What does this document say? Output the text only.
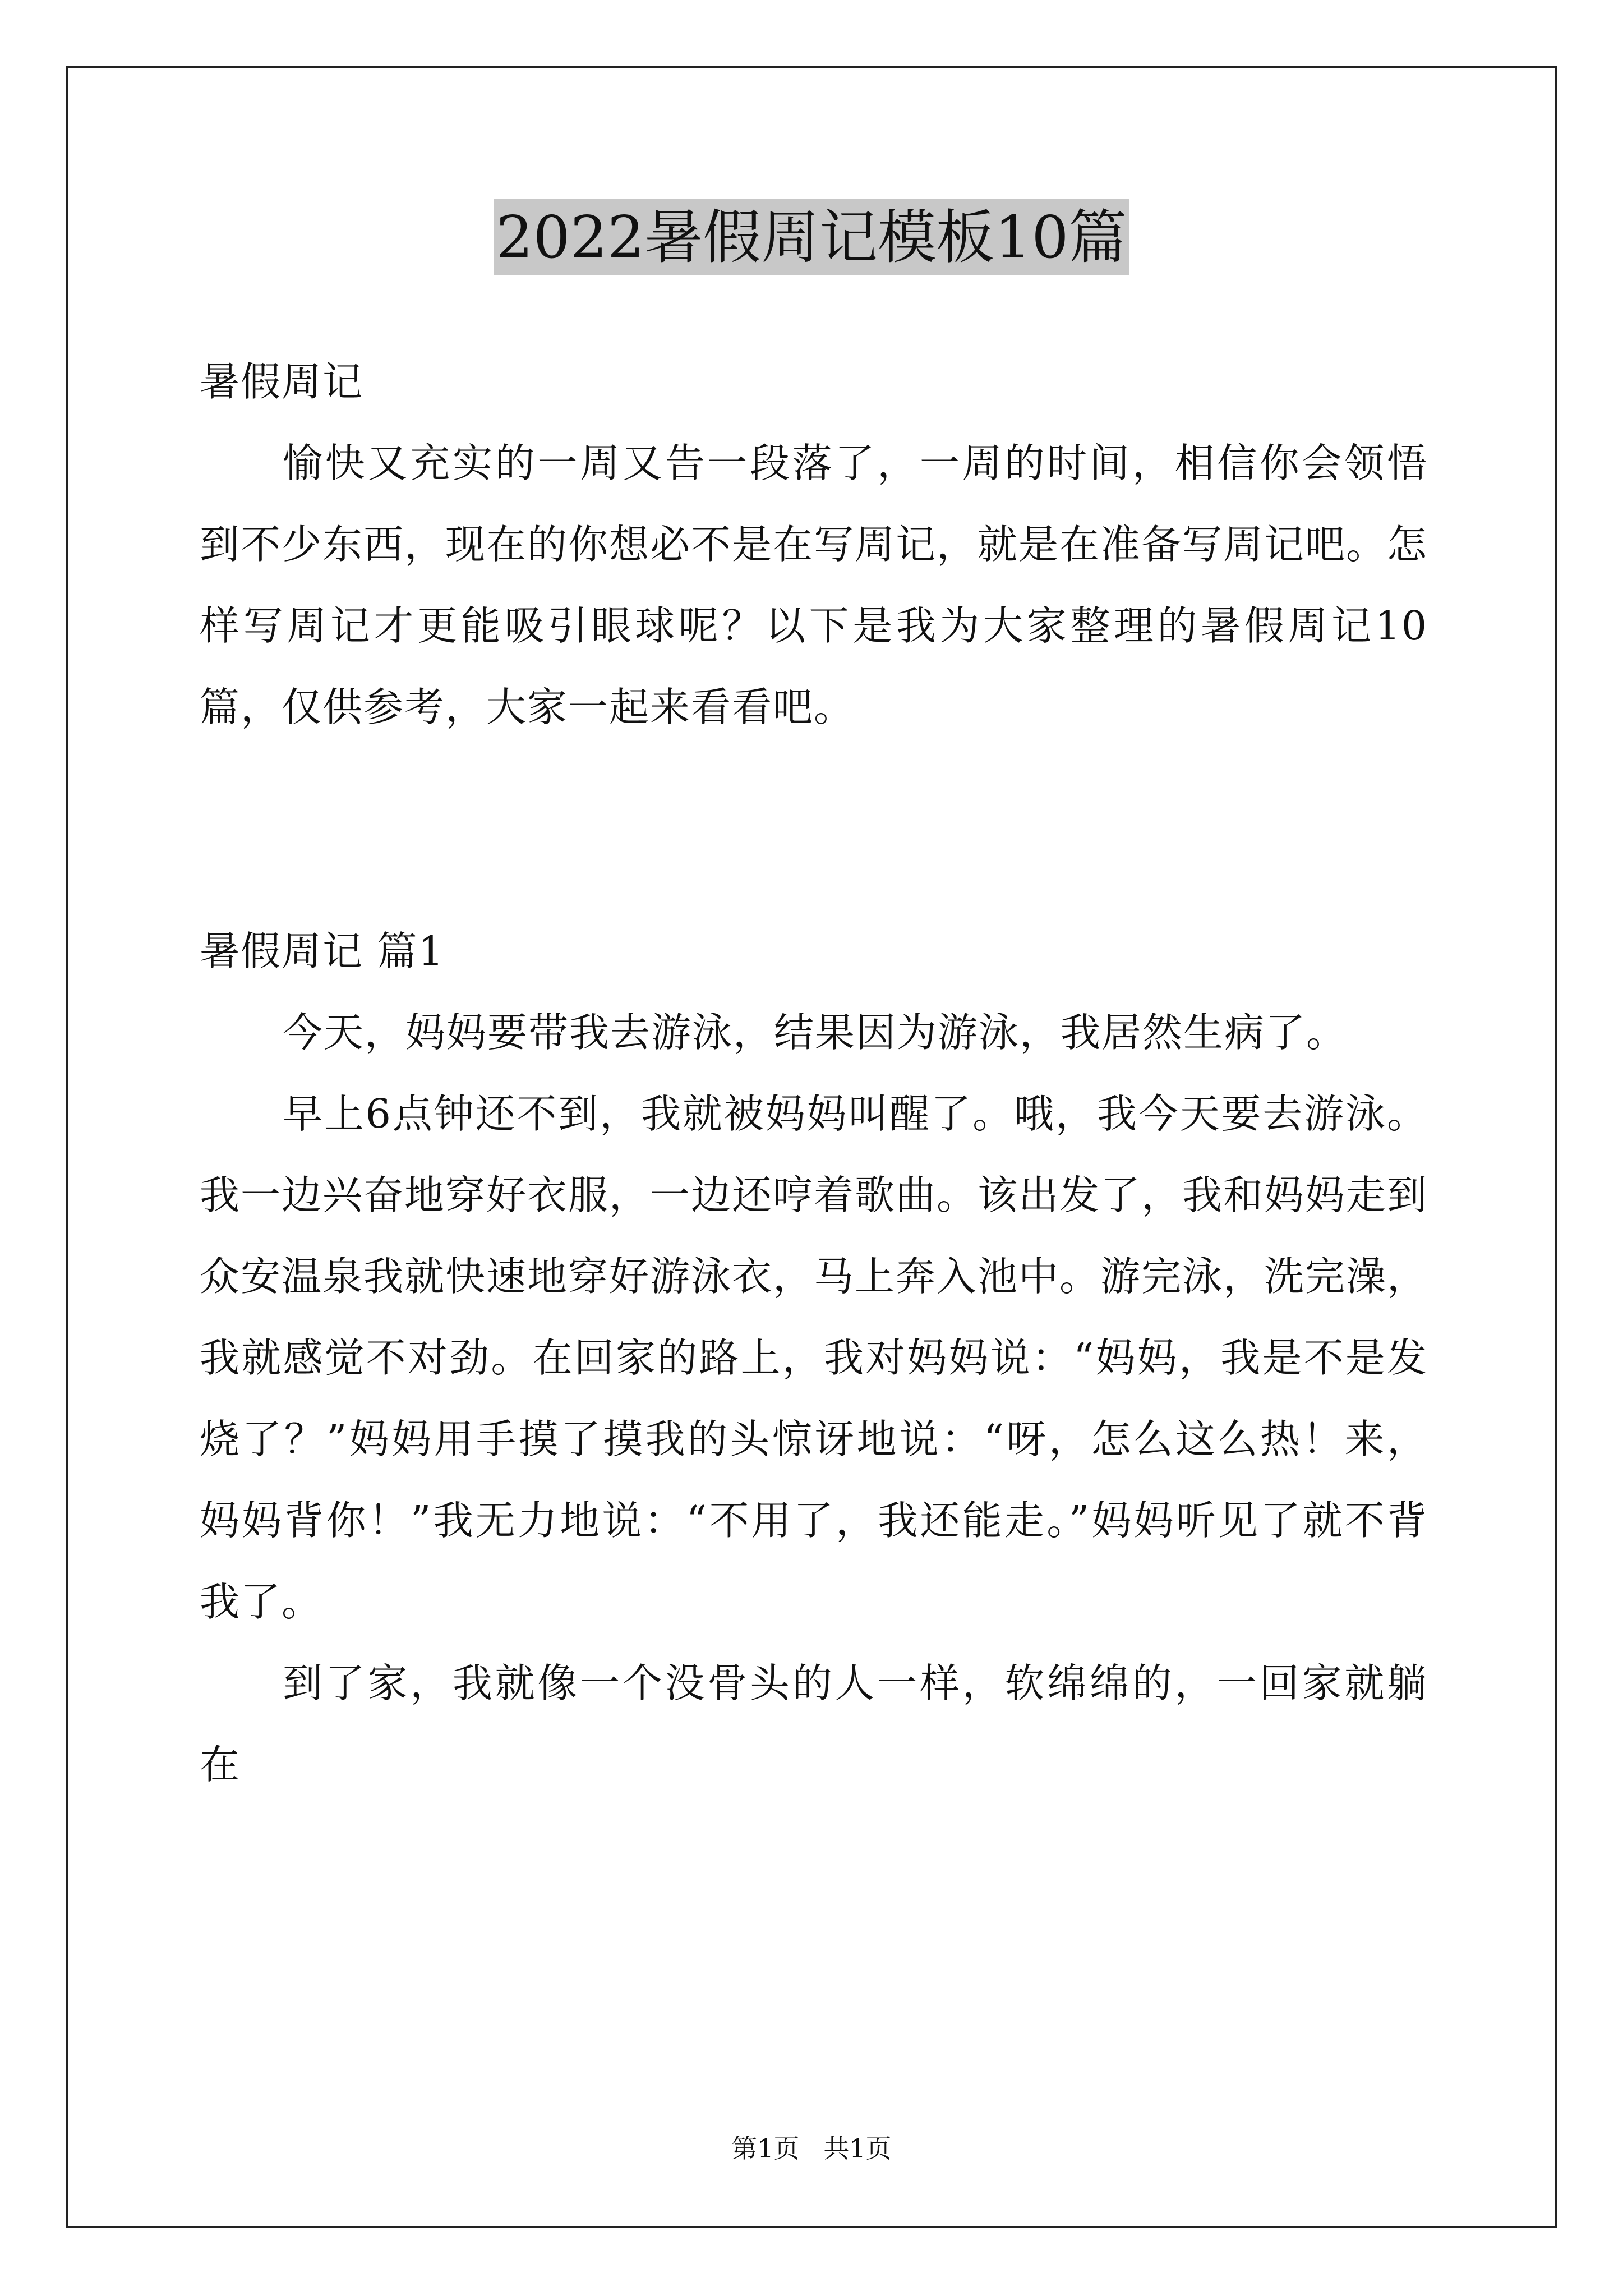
2022暑假周记模板10篇

暑假周记

愉快又充实的一周又告一段落了，一周的时间，相信你会领悟到不少东西，现在的你想必不是在写周记，就是在准备写周记吧。怎样写周记才更能吸引眼球呢？以下是我为大家整理的暑假周记10篇，仅供参考，大家一起来看看吧。

暑假周记 篇1

今天，妈妈要带我去游泳，结果因为游泳，我居然生病了。

早上6点钟还不到，我就被妈妈叫醒了。哦，我今天要去游泳。我一边兴奋地穿好衣服，一边还哼着歌曲。该出发了，我和妈妈走到众安温泉我就快速地穿好游泳衣，马上奔入池中。游完泳，洗完澡，我就感觉不对劲。在回家的路上，我对妈妈说：“妈妈，我是不是发烧了？”妈妈用手摸了摸我的头惊讶地说：“呀，怎么这么热！来，妈妈背你！”我无力地说：“不用了，我还能走。”妈妈听见了就不背我了。

到了家，我就像一个没骨头的人一样，软绵绵的，一回家就躺在

第1页 共1页
